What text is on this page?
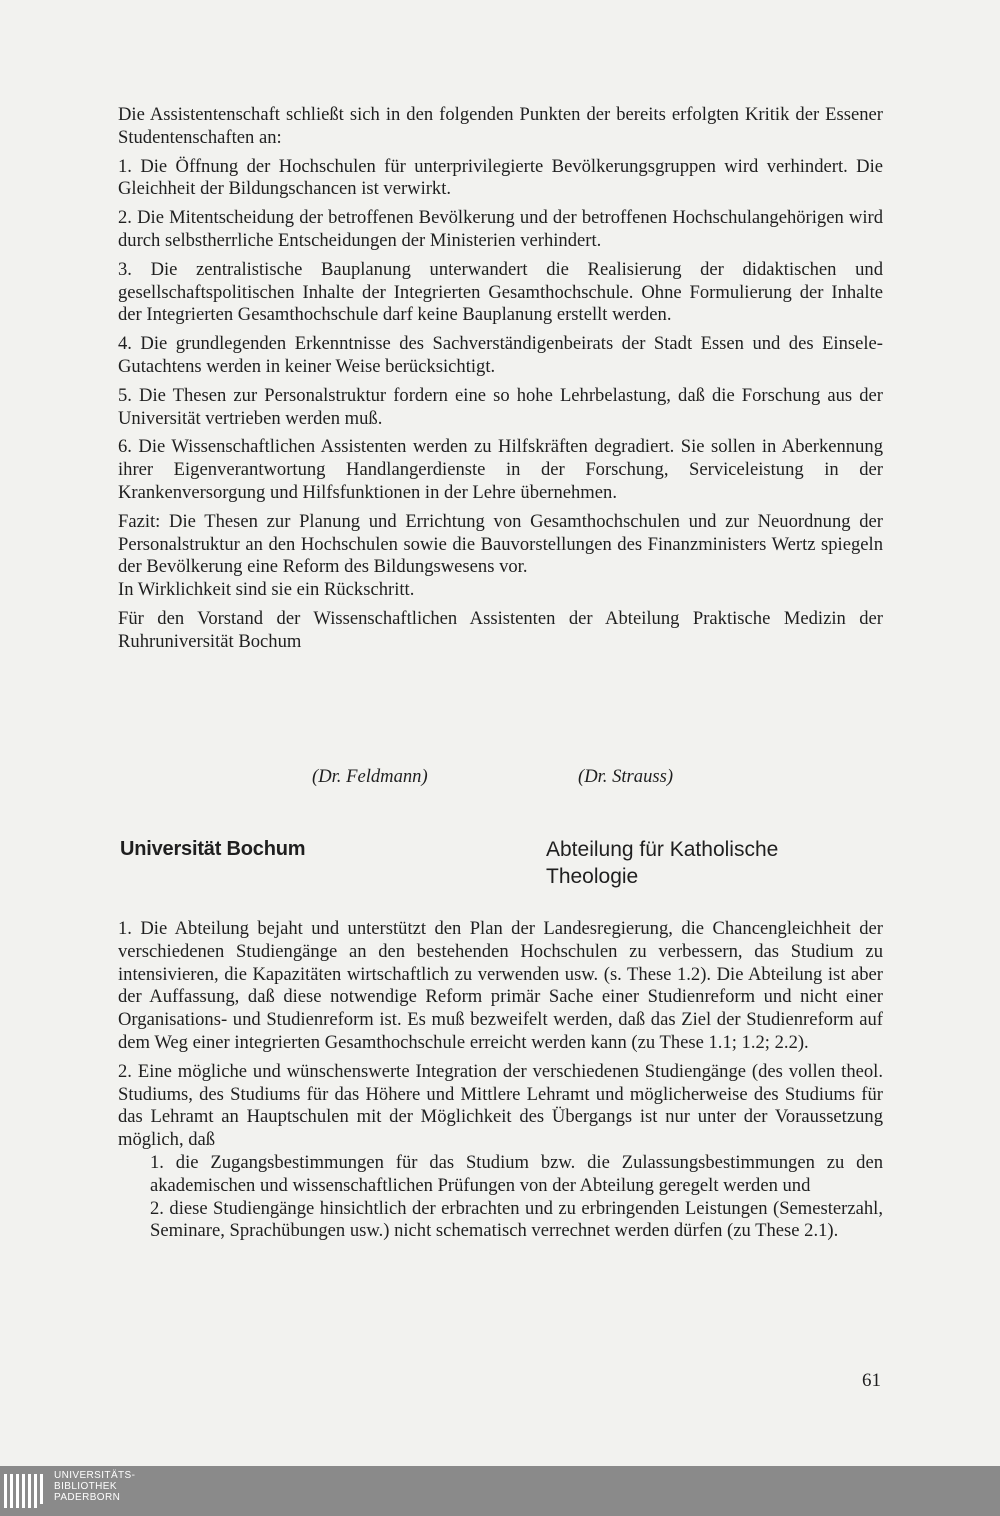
Die Assistentenschaft schließt sich in den folgenden Punkten der bereits erfolgten Kritik der Essener Studentenschaften an:

1. Die Öffnung der Hochschulen für unterprivilegierte Bevölkerungsgruppen wird verhindert. Die Gleichheit der Bildungschancen ist verwirkt.

2. Die Mitentscheidung der betroffenen Bevölkerung und der betroffenen Hochschulangehörigen wird durch selbstherrliche Entscheidungen der Ministerien verhindert.

3. Die zentralistische Bauplanung unterwandert die Realisierung der didaktischen und gesellschaftspolitischen Inhalte der Integrierten Gesamthochschule. Ohne Formulierung der Inhalte der Integrierten Gesamthochschule darf keine Bauplanung erstellt werden.

4. Die grundlegenden Erkenntnisse des Sachverständigenbeirats der Stadt Essen und des Einsele-Gutachtens werden in keiner Weise berücksichtigt.

5. Die Thesen zur Personalstruktur fordern eine so hohe Lehrbelastung, daß die Forschung aus der Universität vertrieben werden muß.

6. Die Wissenschaftlichen Assistenten werden zu Hilfskräften degradiert. Sie sollen in Aberkennung ihrer Eigenverantwortung Handlangerdienste in der Forschung, Serviceleistung in der Krankenversorgung und Hilfsfunktionen in der Lehre übernehmen.

Fazit: Die Thesen zur Planung und Errichtung von Gesamthochschulen und zur Neuordnung der Personalstruktur an den Hochschulen sowie die Bauvorstellungen des Finanzministers Wertz spiegeln der Bevölkerung eine Reform des Bildungswesens vor.

In Wirklichkeit sind sie ein Rückschritt.

Für den Vorstand der Wissenschaftlichen Assistenten der Abteilung Praktische Medizin der Ruhruniversität Bochum

(Dr. Feldmann)	(Dr. Strauss)
Universität Bochum	Abteilung für Katholische Theologie

1. Die Abteilung bejaht und unterstützt den Plan der Landesregierung, die Chancengleichheit der verschiedenen Studiengänge an den bestehenden Hochschulen zu verbessern, das Studium zu intensivieren, die Kapazitäten wirtschaftlich zu verwenden usw. (s. These 1.2). Die Abteilung ist aber der Auffassung, daß diese notwendige Reform primär Sache einer Studienreform und nicht einer Organisations- und Studienreform ist. Es muß bezweifelt werden, daß das Ziel der Studienreform auf dem Weg einer integrierten Gesamthochschule erreicht werden kann (zu These 1.1; 1.2; 2.2).

2. Eine mögliche und wünschenswerte Integration der verschiedenen Studiengänge (des vollen theol. Studiums, des Studiums für das Höhere und Mittlere Lehramt und möglicherweise des Studiums für das Lehramt an Hauptschulen mit der Möglichkeit des Übergangs ist nur unter der Voraussetzung möglich, daß

1. die Zugangsbestimmungen für das Studium bzw. die Zulassungsbestimmungen zu den akademischen und wissenschaftlichen Prüfungen von der Abteilung geregelt werden und

2. diese Studiengänge hinsichtlich der erbrachten und zu erbringenden Leistungen (Semesterzahl, Seminare, Sprachübungen usw.) nicht schematisch verrechnet werden dürfen (zu These 2.1).

61
UNIVERSITÄTS-
BIBLIOTHEK
PADERBORN
